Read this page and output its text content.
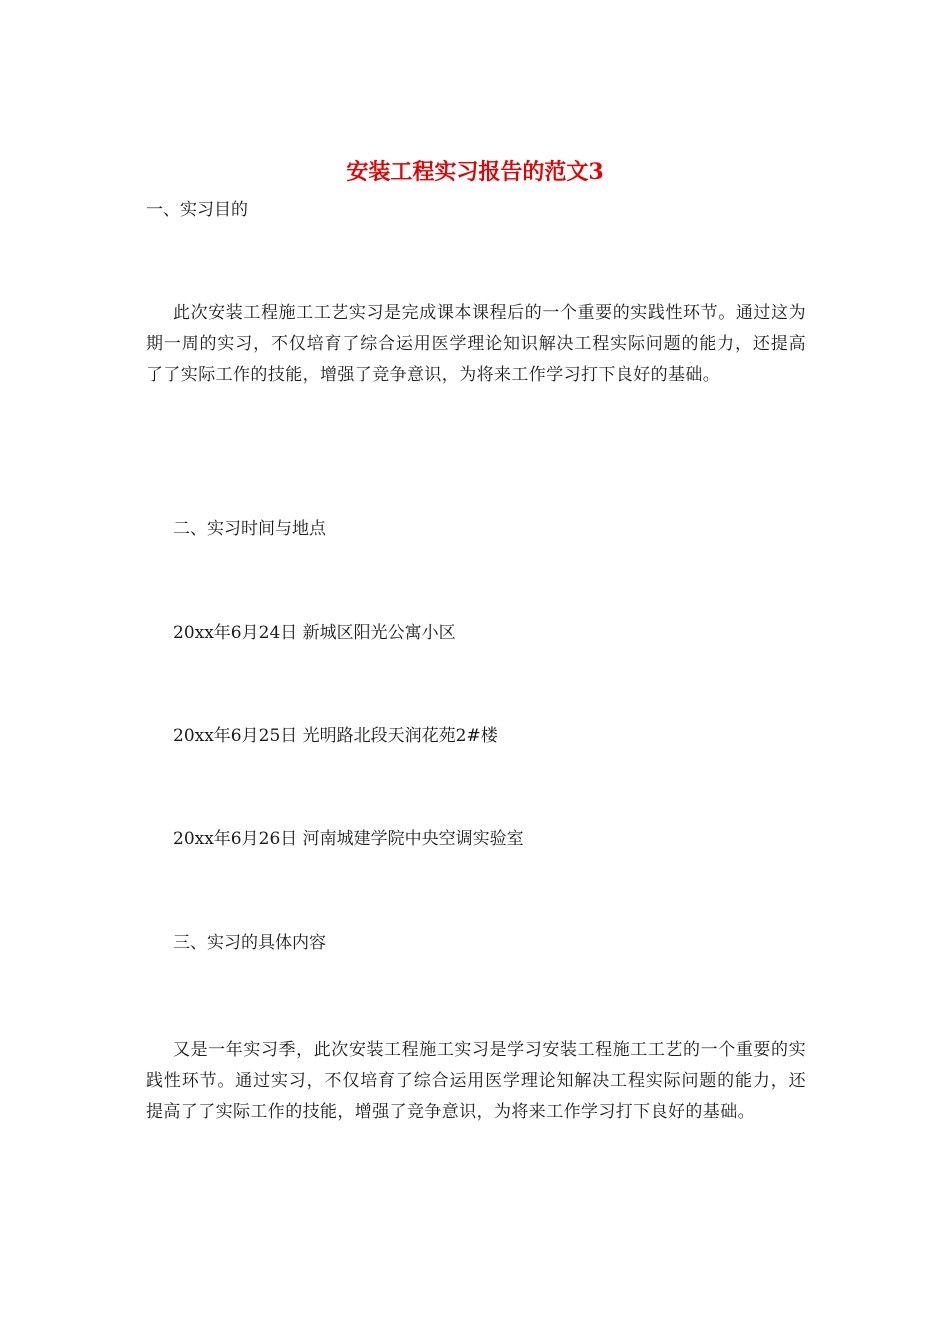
安装工程实习报告的范文3
一、实习目的
此次安装工程施工工艺实习是完成课本课程后的一个重要的实践性环节。通过这为期一周的实习，不仅培育了综合运用医学理论知识解决工程实际问题的能力，还提高了了实际工作的技能，增强了竞争意识，为将来工作学习打下良好的基础。
二、实习时间与地点
20xx年6月24日 新城区阳光公寓小区
20xx年6月25日 光明路北段天润花苑2#楼
20xx年6月26日 河南城建学院中央空调实验室
三、实习的具体内容
又是一年实习季，此次安装工程施工实习是学习安装工程施工工艺的一个重要的实践性环节。通过实习，不仅培育了综合运用医学理论知解决工程实际问题的能力，还提高了了实际工作的技能，增强了竞争意识，为将来工作学习打下良好的基础。
